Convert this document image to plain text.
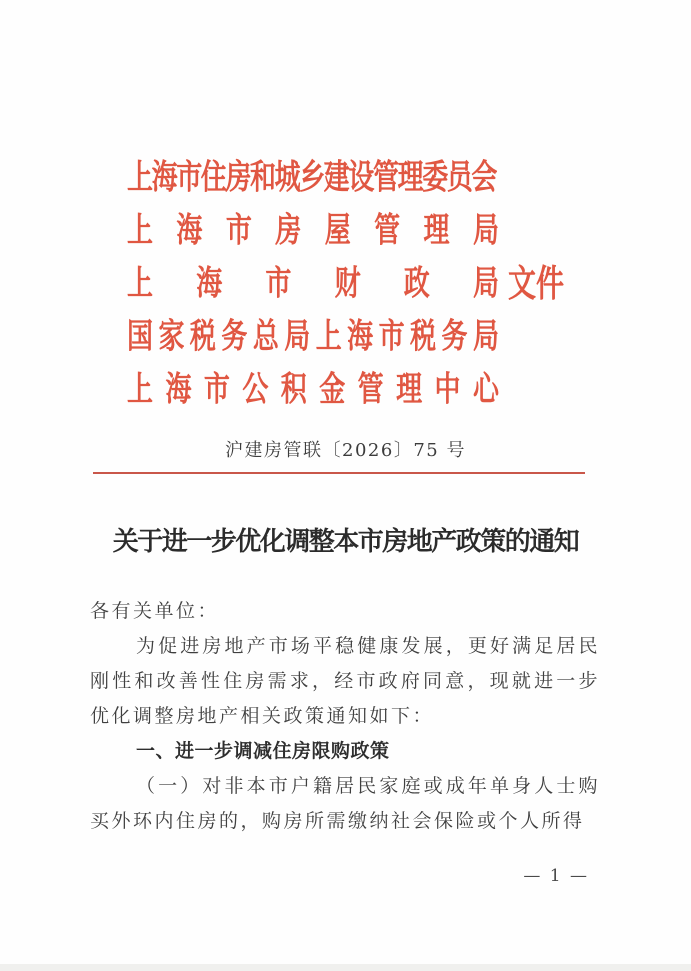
上海市住房和城乡建设管理委员会
上海市房屋管理局
上海市财政局 文件
国家税务总局上海市税务局
上海市公积金管理中心
沪建房管联〔2026〕75 号
关于进一步优化调整本市房地产政策的通知

各有关单位：

为促进房地产市场平稳健康发展，更好满足居民刚性和改善性住房需求，经市政府同意，现就进一步优化调整房地产相关政策通知如下：

一、进一步调减住房限购政策

（一）对非本市户籍居民家庭或成年单身人士购买外环内住房的，购房所需缴纳社会保险或个人所得

— 1 —
